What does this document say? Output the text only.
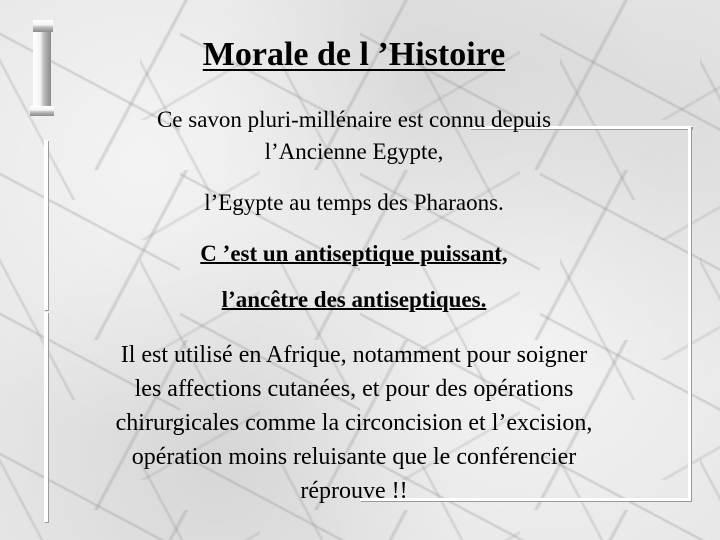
Morale de l ’Histoire

Ce savon pluri-millénaire est connu depuis
l’Ancienne Egypte,

l’Egypte au temps des Pharaons.

C ’est un antiseptique puissant,

l’ancêtre des antiseptiques.

Il est utilisé en Afrique, notamment pour soigner
les affections cutanées, et pour des opérations
chirurgicales comme la circoncision et l’excision,
opération moins reluisante que le conférencier
réprouve !!
